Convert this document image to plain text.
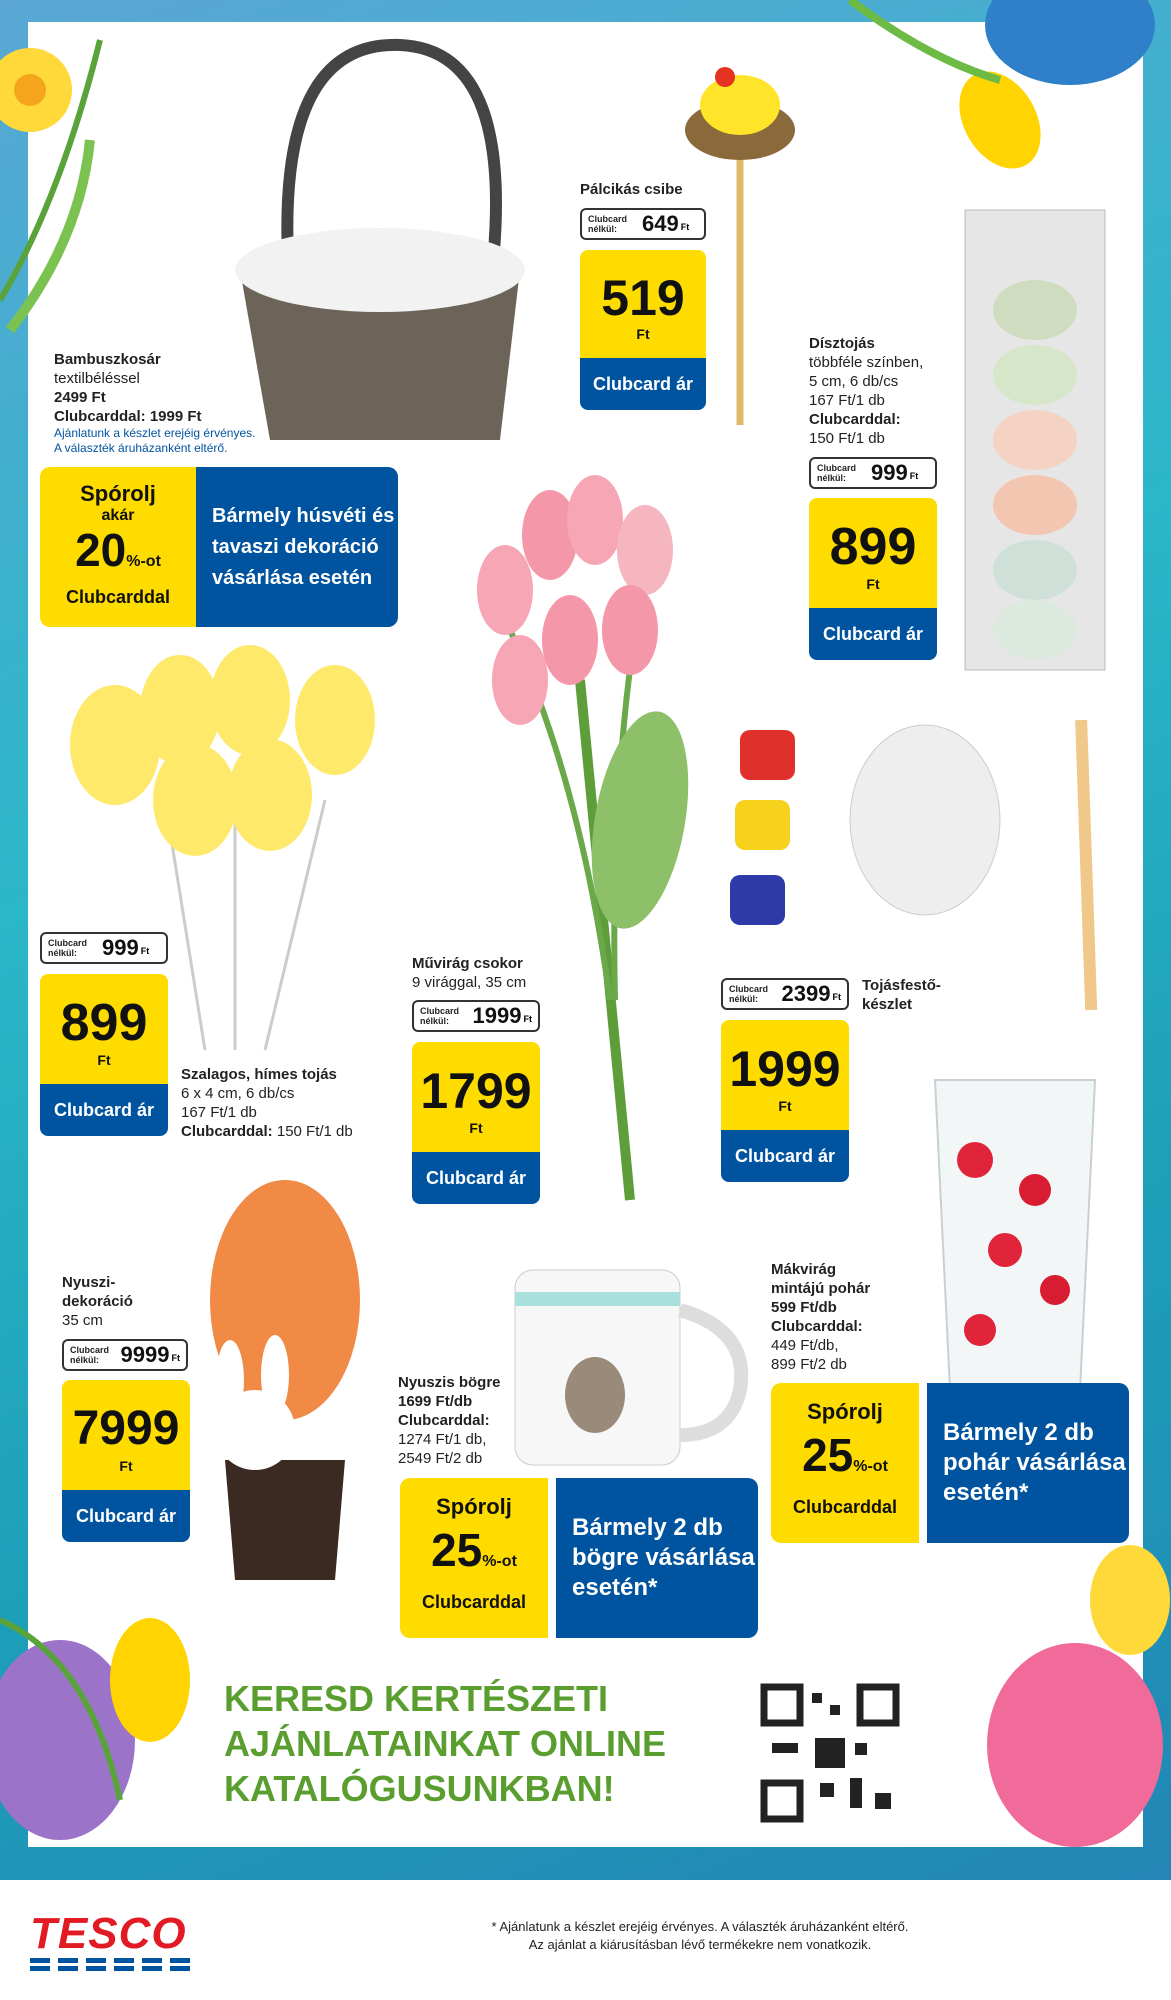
Bambuszkosár
textilbéléssel
2499 Ft
Clubcarddal: 1999 Ft
Ajánlatunk a készlet erejéig érvényes.
A választék áruházanként eltérő.
Spórolj
akár
20%-ot
Clubcarddal
Bármely húsvéti és tavaszi dekoráció vásárlása esetén
Pálcikás csibe
Clubcard nélkül:	649 Ft
519
Ft
Clubcard ár
Dísztojás
többféle színben,
5 cm, 6 db/cs
167 Ft/1 db
Clubcarddal:
150 Ft/1 db
Clubcard nélkül:	999 Ft
899
Ft
Clubcard ár
Clubcard nélkül:	999 Ft
899
Ft
Clubcard ár
Szalagos, hímes tojás
6 x 4 cm, 6 db/cs
167 Ft/1 db
Clubcarddal: 150 Ft/1 db
Művirág csokor
9 virággal, 35 cm
Clubcard nélkül:	1999 Ft
1799
Ft
Clubcard ár
Clubcard nélkül:	2399 Ft
Tojásfestő-
készlet
1999
Ft
Clubcard ár
Nyuszi-
dekoráció
35 cm
Clubcard nélkül: 9999 Ft
7999
Ft
Clubcard ár
Nyuszis bögre
1699 Ft/db
Clubcarddal:
1274 Ft/1 db,
2549 Ft/2 db
Mákvirág
mintájú pohár
599 Ft/db
Clubcarddal:
449 Ft/db,
899 Ft/2 db
Spórolj
25%-ot
Clubcarddal
Bármely 2 db bögre vásárlása esetén*
Spórolj
25%-ot
Clubcarddal
Bármely 2 db pohár vásárlása esetén*
KERESD KERTÉSZETI
AJÁNLATAINKAT ONLINE
KATALÓGUSUNKBAN!
TESCO	* Ajánlatunk a készlet erejéig érvényes. A választék áruházanként eltérő.
Az ajánlat a kiárusításban lévő termékekre nem vonatkozik.
